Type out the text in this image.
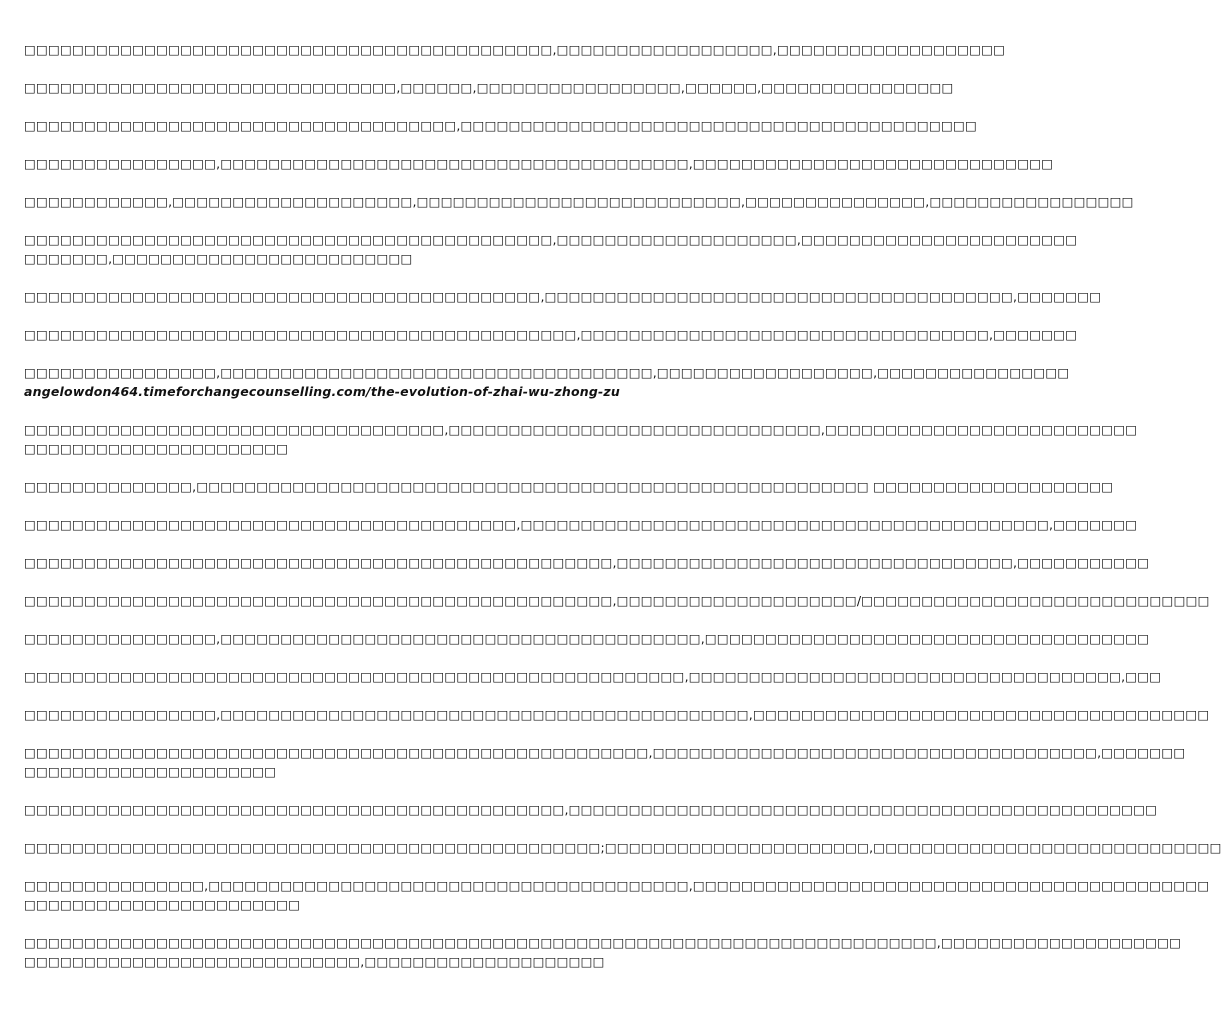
□□□□□□□□□□□□□□□□□□□□□□□□□□□□□□□□□□□□□□□□□□□□,□□□□□□□□□□□□□□□□□□,□□□□□□□□□□□□□□□□□□□

□□□□□□□□□□□□□□□□□□□□□□□□□□□□□□□,□□□□□□,□□□□□□□□□□□□□□□□□,□□□□□□,□□□□□□□□□□□□□□□□

□□□□□□□□□□□□□□□□□□□□□□□□□□□□□□□□□□□□,□□□□□□□□□□□□□□□□□□□□□□□□□□□□□□□□□□□□□□□□□□□

□□□□□□□□□□□□□□□□,□□□□□□□□□□□□□□□□□□□□□□□□□□□□□□□□□□□□□□□,□□□□□□□□□□□□□□□□□□□□□□□□□□□□□□

□□□□□□□□□□□□,□□□□□□□□□□□□□□□□□□□□,□□□□□□□□□□□□□□□□□□□□□□□□□□□,□□□□□□□□□□□□□□□,□□□□□□□□□□□□□□□□□

□□□□□□□□□□□□□□□□□□□□□□□□□□□□□□□□□□□□□□□□□□□□,□□□□□□□□□□□□□□□□□□□□,□□□□□□□□□□□□□□□□□□□□□□□
□□□□□□□,□□□□□□□□□□□□□□□□□□□□□□□□□

□□□□□□□□□□□□□□□□□□□□□□□□□□□□□□□□□□□□□□□□□□□,□□□□□□□□□□□□□□□□□□□□□□□□□□□□□□□□□□□□□□□,□□□□□□□

□□□□□□□□□□□□□□□□□□□□□□□□□□□□□□□□□□□□□□□□□□□□□□,□□□□□□□□□□□□□□□□□□□□□□□□□□□□□□□□□□,□□□□□□□

□□□□□□□□□□□□□□□□,□□□□□□□□□□□□□□□□□□□□□□□□□□□□□□□□□□□□,□□□□□□□□□□□□□□□□□□,□□□□□□□□□□□□□□□□
angelowdon464.timeforchangecounselling.com/the-evolution-of-zhai-wu-zhong-zu
□□□□□□□□□□□□□□□□□□□□□□□□□□□□□□□□□□□,□□□□□□□□□□□□□□□□□□□□□□□□□□□□□□□,□□□□□□□□□□□□□□□□□□□□□□□□□□
□□□□□□□□□□□□□□□□□□□□□□

□□□□□□□□□□□□□□,□□□□□□□□□□□□□□□□□□□□□□□□□□□□□□□□□□□□□□□□□□□□□□□□□□□□□□□□ □□□□□□□□□□□□□□□□□□□□

□□□□□□□□□□□□□□□□□□□□□□□□□□□□□□□□□□□□□□□□□,□□□□□□□□□□□□□□□□□□□□□□□□□□□□□□□□□□□□□□□□□□□□,□□□□□□□

□□□□□□□□□□□□□□□□□□□□□□□□□□□□□□□□□□□□□□□□□□□□□□□□□,□□□□□□□□□□□□□□□□□□□□□□□□□□□□□□□□□,□□□□□□□□□□□

□□□□□□□□□□□□□□□□□□□□□□□□□□□□□□□□□□□□□□□□□□□□□□□□□,□□□□□□□□□□□□□□□□□□□□/□□□□□□□□□□□□□□□□□□□□□□□□□□□□□

□□□□□□□□□□□□□□□□,□□□□□□□□□□□□□□□□□□□□□□□□□□□□□□□□□□□□□□□□,□□□□□□□□□□□□□□□□□□□□□□□□□□□□□□□□□□□□□

□□□□□□□□□□□□□□□□□□□□□□□□□□□□□□□□□□□□□□□□□□□□□□□□□□□□□□□,□□□□□□□□□□□□□□□□□□□□□□□□□□□□□□□□□□□□,□□□

□□□□□□□□□□□□□□□□,□□□□□□□□□□□□□□□□□□□□□□□□□□□□□□□□□□□□□□□□□□□□,□□□□□□□□□□□□□□□□□□□□□□□□□□□□□□□□□□□□□□

□□□□□□□□□□□□□□□□□□□□□□□□□□□□□□□□□□□□□□□□□□□□□□□□□□□□,□□□□□□□□□□□□□□□□□□□□□□□□□□□□□□□□□□□□□,□□□□□□□
□□□□□□□□□□□□□□□□□□□□□

□□□□□□□□□□□□□□□□□□□□□□□□□□□□□□□□□□□□□□□□□□□□□,□□□□□□□□□□□□□□□□□□□□□□□□□□□□□□□□□□□□□□□□□□□□□□□□□

□□□□□□□□□□□□□□□□□□□□□□□□□□□□□□□□□□□□□□□□□□□□□□□□;□□□□□□□□□□□□□□□□□□□□□□,□□□□□□□□□□□□□□□□□□□□□□□□□□□□□

□□□□□□□□□□□□□□□,□□□□□□□□□□□□□□□□□□□□□□□□□□□□□□□□□□□□□□□□,□□□□□□□□□□□□□□□□□□□□□□□□□□□□□□□□□□□□□□□□□□□
□□□□□□□□□□□□□□□□□□□□□□□
□□□□□□□□□□□□□□□□□□□□□□□□□□□□□□□□□□□□□□□□□□□□□□□□□□□□□□□□□□□□□□□□□□□□□□□□□□□□,□□□□□□□□□□□□□□□□□□□□
□□□□□□□□□□□□□□□□□□□□□□□□□□□□,□□□□□□□□□□□□□□□□□□□□
